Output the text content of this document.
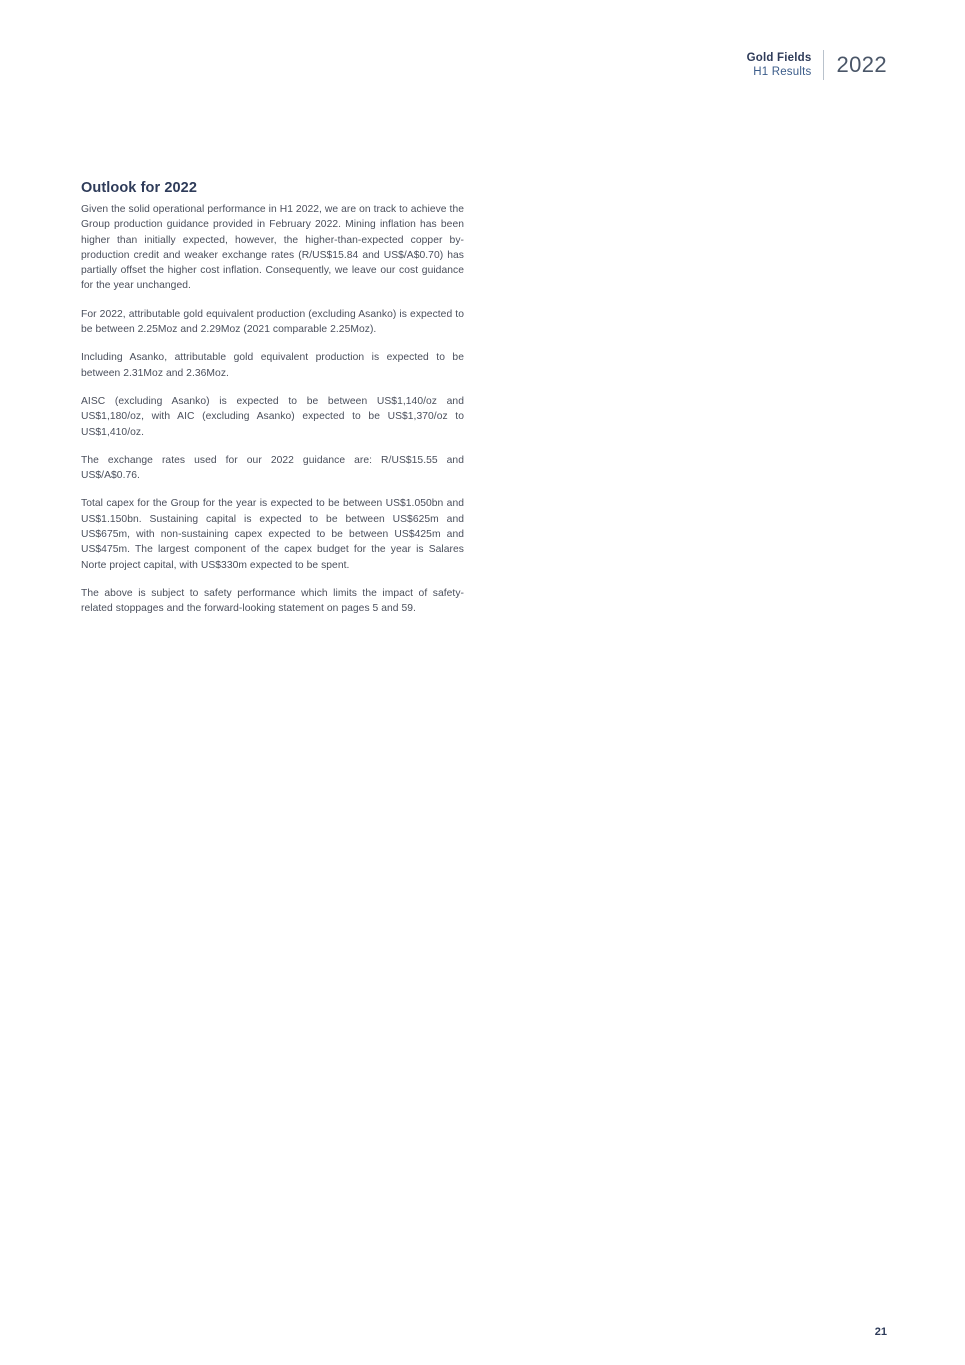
Gold Fields
H1 Results	2022
Outlook for 2022

Given the solid operational performance in H1 2022, we are on track to achieve the Group production guidance provided in February 2022. Mining inflation has been higher than initially expected, however, the higher-than-expected copper by-production credit and weaker exchange rates (R/US$15.84 and US$/A$0.70) has partially offset the higher cost inflation. Consequently, we leave our cost guidance for the year unchanged.

For 2022, attributable gold equivalent production (excluding Asanko) is expected to be between 2.25Moz and 2.29Moz (2021 comparable 2.25Moz).

Including Asanko, attributable gold equivalent production is expected to be between 2.31Moz and 2.36Moz.

AISC (excluding Asanko) is expected to be between US$1,140/oz and US$1,180/oz, with AIC (excluding Asanko) expected to be US$1,370/oz to US$1,410/oz.

The exchange rates used for our 2022 guidance are: R/US$15.55 and US$/A$0.76.

Total capex for the Group for the year is expected to be between US$1.050bn and US$1.150bn. Sustaining capital is expected to be between US$625m and US$675m, with non-sustaining capex expected to be between US$425m and US$475m. The largest component of the capex budget for the year is Salares Norte project capital, with US$330m expected to be spent.

The above is subject to safety performance which limits the impact of safety-related stoppages and the forward-looking statement on pages 5 and 59.

21
